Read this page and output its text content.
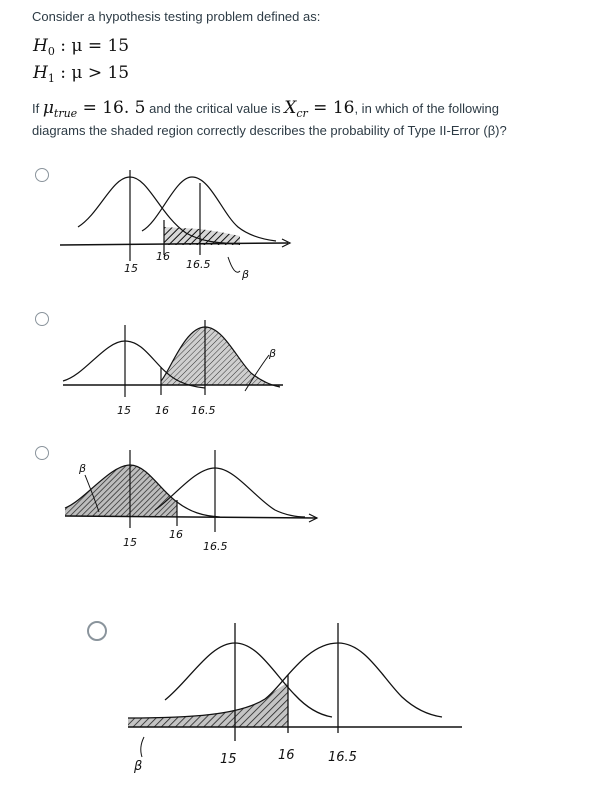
Consider a hypothesis testing problem defined as:
$H_0$ : μ = 15
$H_1$ : μ > 15
If $\mu_{true} = 16$. 5 and the critical value is $X_{cr} = 16$, in which of the following
diagrams the shaded region correctly describes the probability of Type II-Error (β)?
15
16
16.5
β
β
15 16 16.5
β
15
16
16.5
β	15	16	16.5
